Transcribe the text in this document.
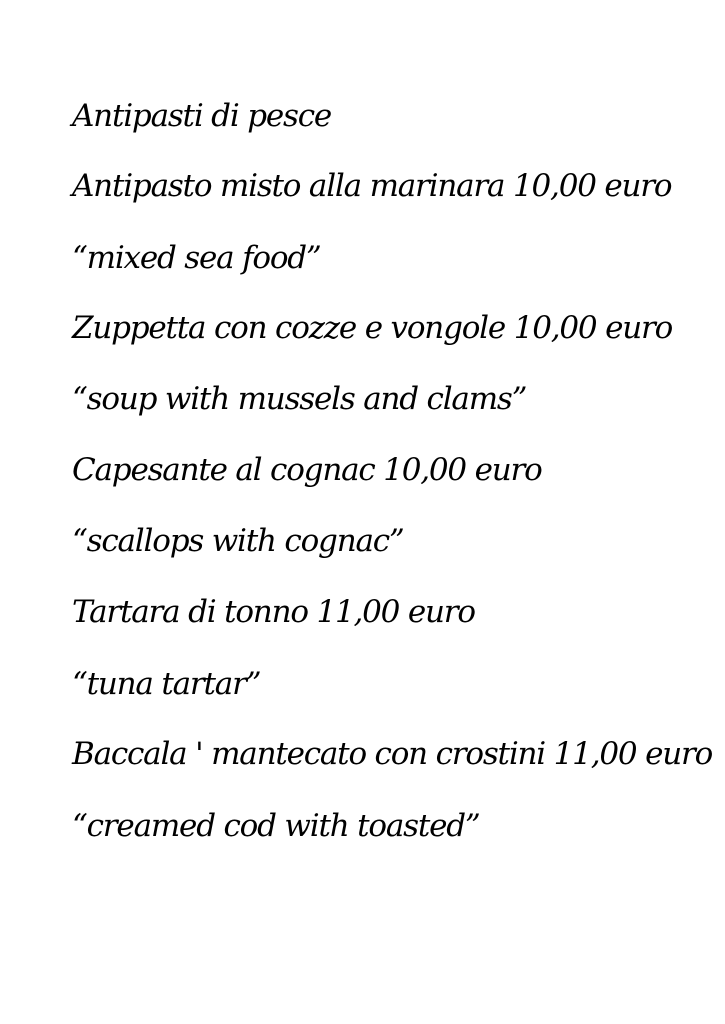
Antipasti di pesce

Antipasto misto alla marinara 10,00 euro

“mixed sea food”

Zuppetta con cozze e vongole 10,00 euro

“soup with mussels and clams”

Capesante al cognac 10,00 euro

“scallops with cognac”

Tartara di tonno 11,00 euro

“tuna tartar”

Baccala ' mantecato con crostini 11,00 euro

“creamed cod with toasted”
